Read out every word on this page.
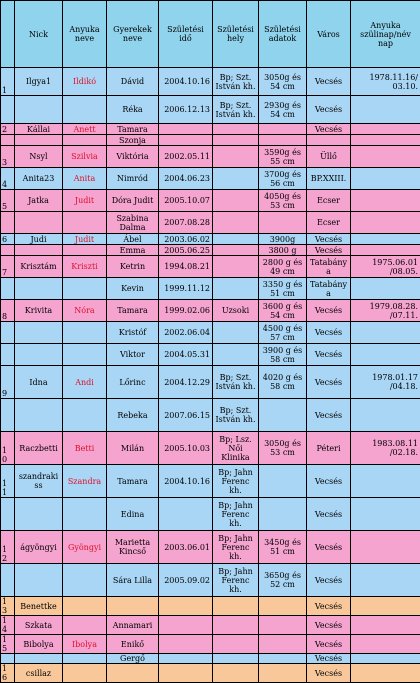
	Nick	Anyuka neve	Gyerekek neve	Születési idő	Születési hely	Születési adatok	Város	Anyuka szülinap/név nap
1	Ilgya1	Ildikó	Dávid	2004.10.16	Bp; Szt. István kh.	3050g és 54 cm	Vecsés	1978.11.16/ 03.10.
			Réka	2006.12.13	Bp; Szt. István kh.	2930g és 54 cm	Vecsés	
2	Kállai	Anett	Tamara				Vecsés	
			Szonja					
3	Nsyl	Szilvia	Viktória	2002.05.11		3590g és 55 cm	Üllő	
4	Anita23	Anita	Nimród	2004.06.23		3700g és 56 cm	BP.XXIII.	
5	Jatka	Judit	Dóra Judit	2005.10.07		4050g és 53 cm	Ecser	
			Szabina Dalma	2007.08.28			Ecser	
6	Judi	Judit	Ábel	2003.06.02		3900g	Vecsés	
			Emma	2005.06.25		3800 g	Vecsés	
7	Krisztám	Kriszti	Ketrin	1994.08.21		2800 g és 49 cm	Tatabánya	1975.06.01 /08.05.
			Kevin	1999.11.12		3350 g és 51 cm	Tatabánya	
8	Krivita	Nóra	Tamara	1999.02.06	Uzsoki	3600 g és 54 cm	Vecsés	1979.08.28. /07.11.
			Kristóf	2002.06.04		4500 g és 57 cm	Vecsés	
			Viktor	2004.05.31		3900 g és 58 cm	Vecsés	
9	Idna	Andi	Lőrinc	2004.12.29	Bp; Szt. István kh.	4020 g és 58 cm	Vecsés	1978.01.17 /04.18.
			Rebeka	2007.06.15	Bp; Szt. István kh.		Vecsés	
10	Raczbetti	Betti	Milán	2005.10.03	Bp; Lsz. Női Klinika	3050g és 53 cm	Péteri	1983.08.11 /02.18.
11	szandrakiss	Szandra	Tamara	2004.10.16	Bp; Jahn Ferenc kh.		Vecsés	
			Edina		Bp; Jahn Ferenc kh.		Vecsés	
12	ágyöngyi	Gyöngyi	Marietta Kincső	2003.06.01	Bp; Jahn Ferenc kh.	3450g és 51 cm	Vecsés	
			Sára Lilla	2005.09.02	Bp; Jahn Ferenc kh.	3650g és 52 cm	Vecsés	
13	Benettke						Vecsés	
14	Szkata		Annamari				Vecsés	
15	Bibolya	Ibolya	Enikő				Vecsés	
			Gergő				Vecsés	
16	csillaz						Vecsés	
